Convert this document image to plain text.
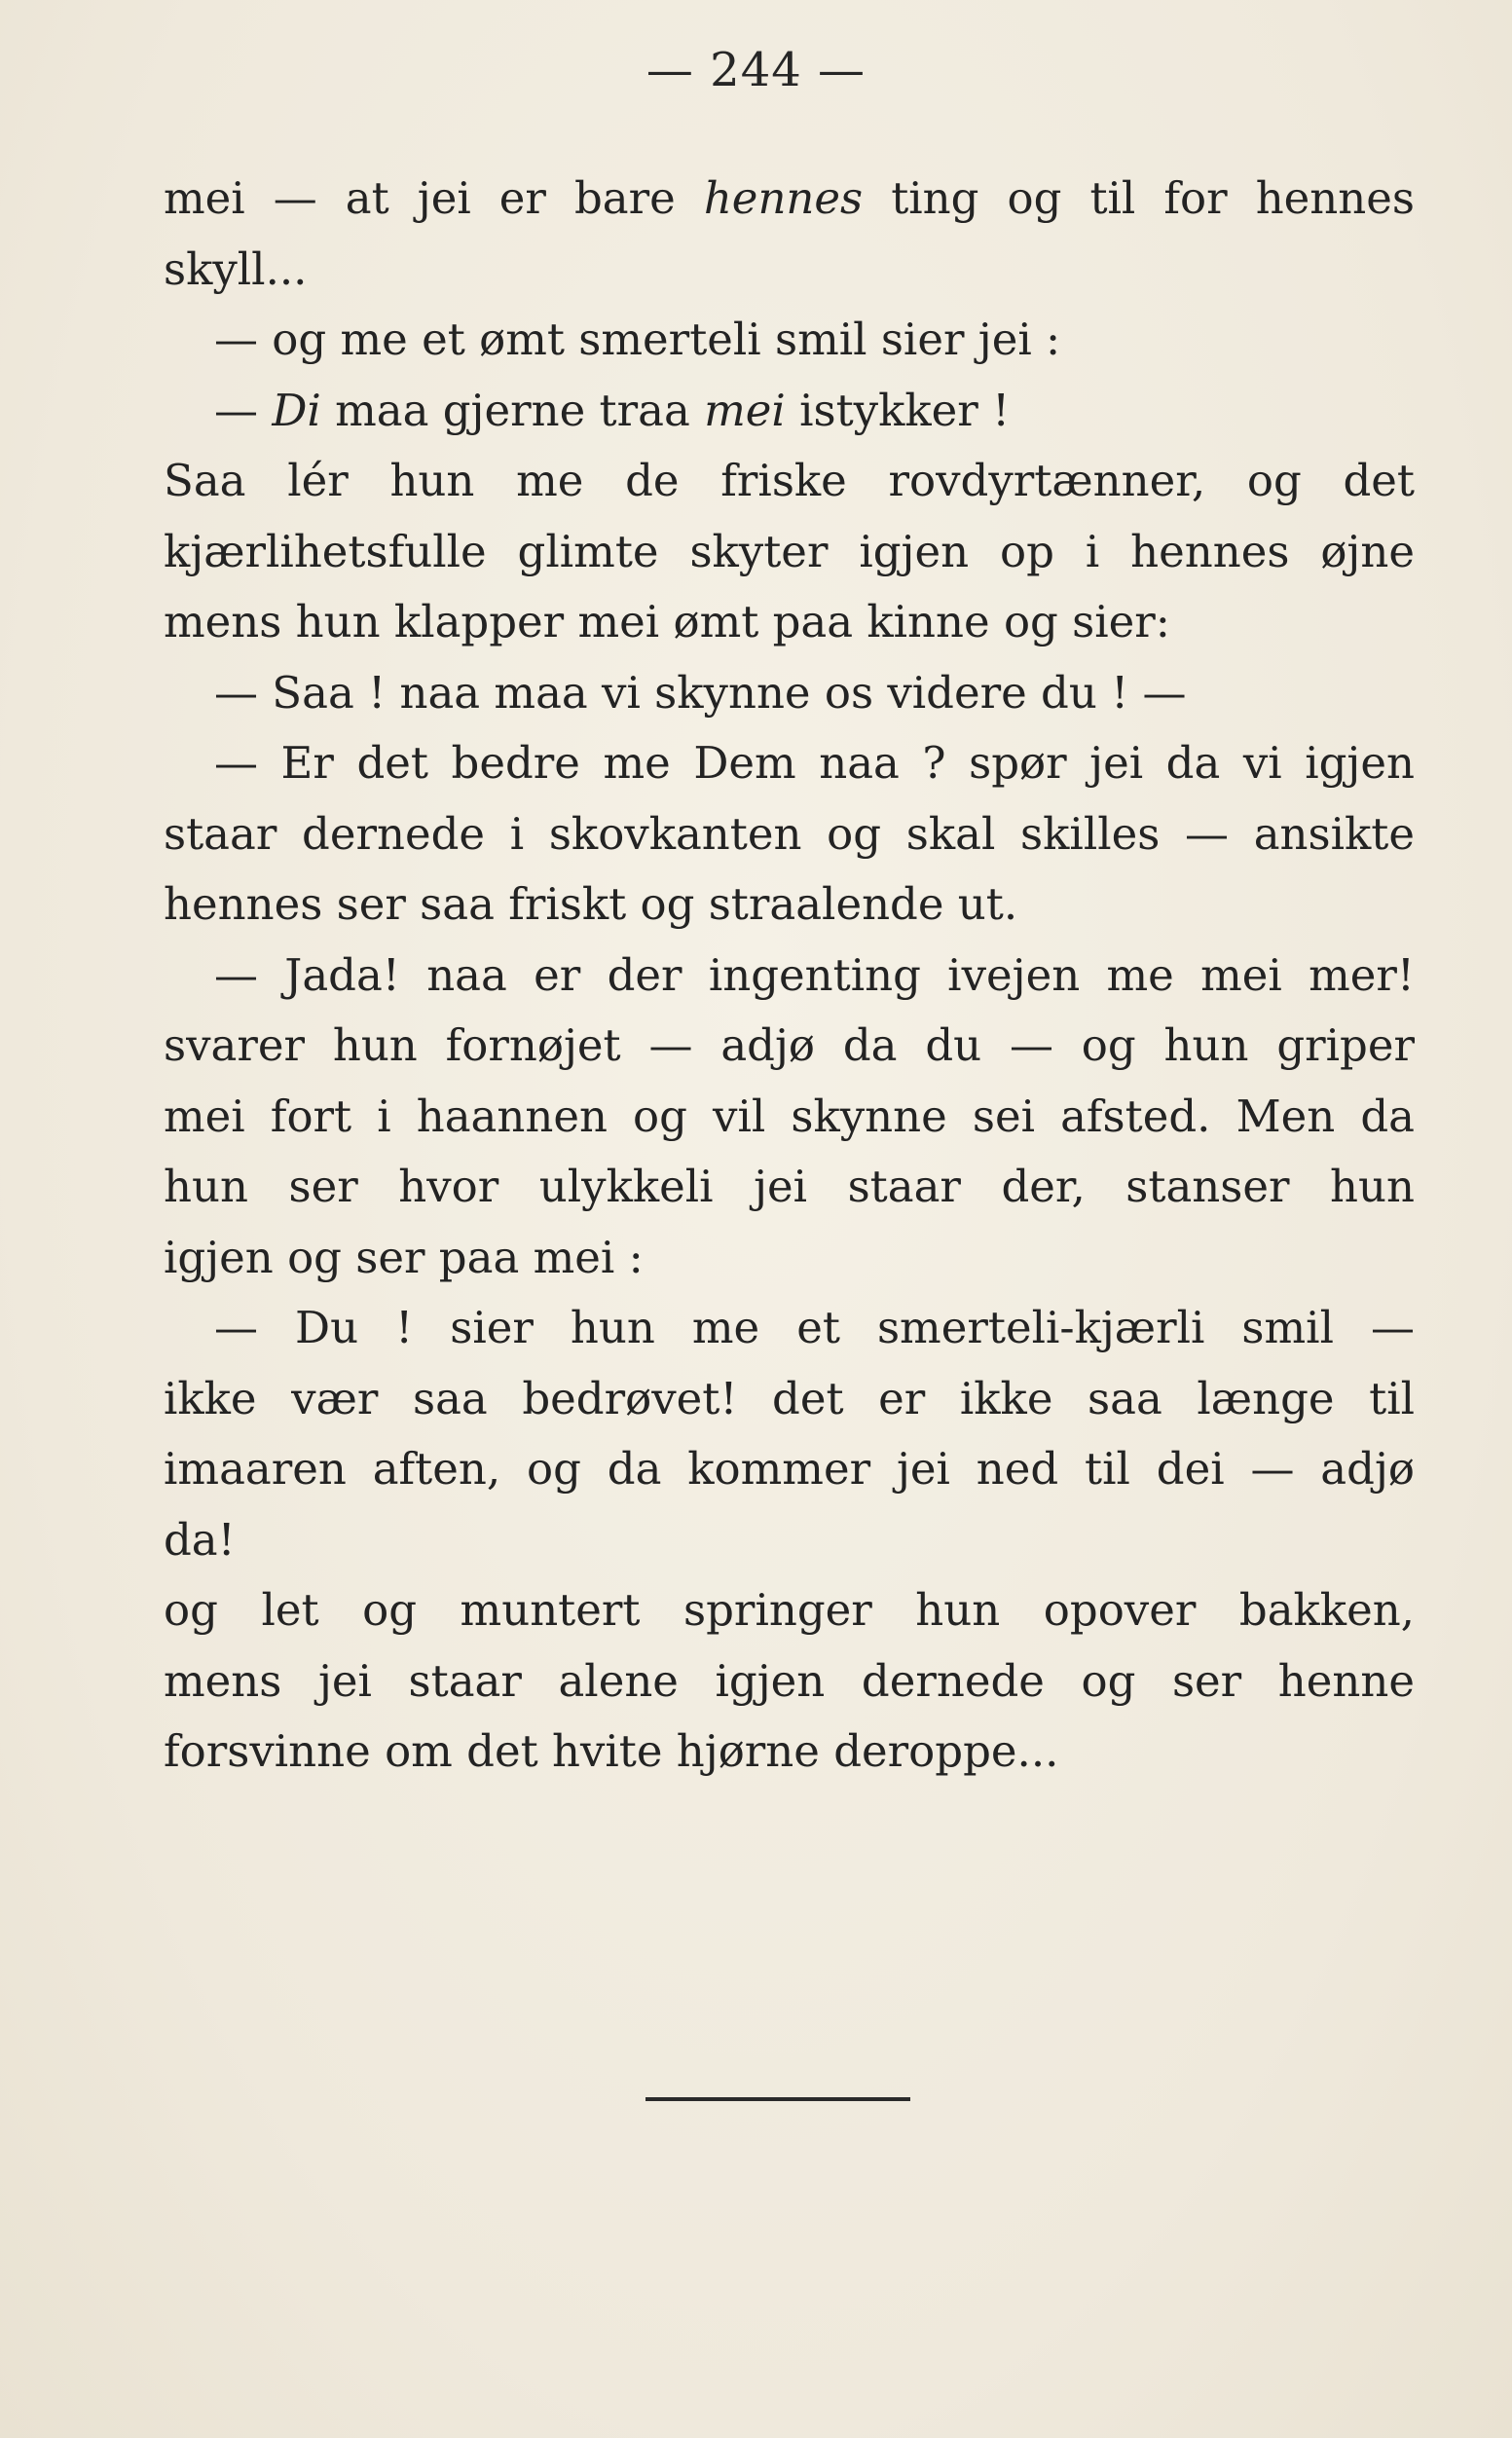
— 244 —
mei — at jei er bare hennes ting og til for hennes
skyll...
— og me et ømt smerteli smil sier jei :
— Di maa gjerne traa mei istykker !
Saa lér hun me de friske rovdyrtænner, og det
kjærlihetsfulle glimte skyter igjen op i hennes øjne
mens hun klapper mei ømt paa kinne og sier:
— Saa ! naa maa vi skynne os videre du ! —
— Er det bedre me Dem naa ? spør jei da vi igjen
staar dernede i skovkanten og skal skilles — ansikte
hennes ser saa friskt og straalende ut.
— Jada! naa er der ingenting ivejen me mei mer!
svarer hun fornøjet — adjø da du — og hun griper
mei fort i haannen og vil skynne sei afsted. Men da
hun ser hvor ulykkeli jei staar der, stanser hun
igjen og ser paa mei :
— Du ! sier hun me et smerteli-kjærli smil —
ikke vær saa bedrøvet! det er ikke saa længe til
imaaren aften, og da kommer jei ned til dei — adjø
da!
og let og muntert springer hun opover bakken,
mens jei staar alene igjen dernede og ser henne
forsvinne om det hvite hjørne deroppe...
